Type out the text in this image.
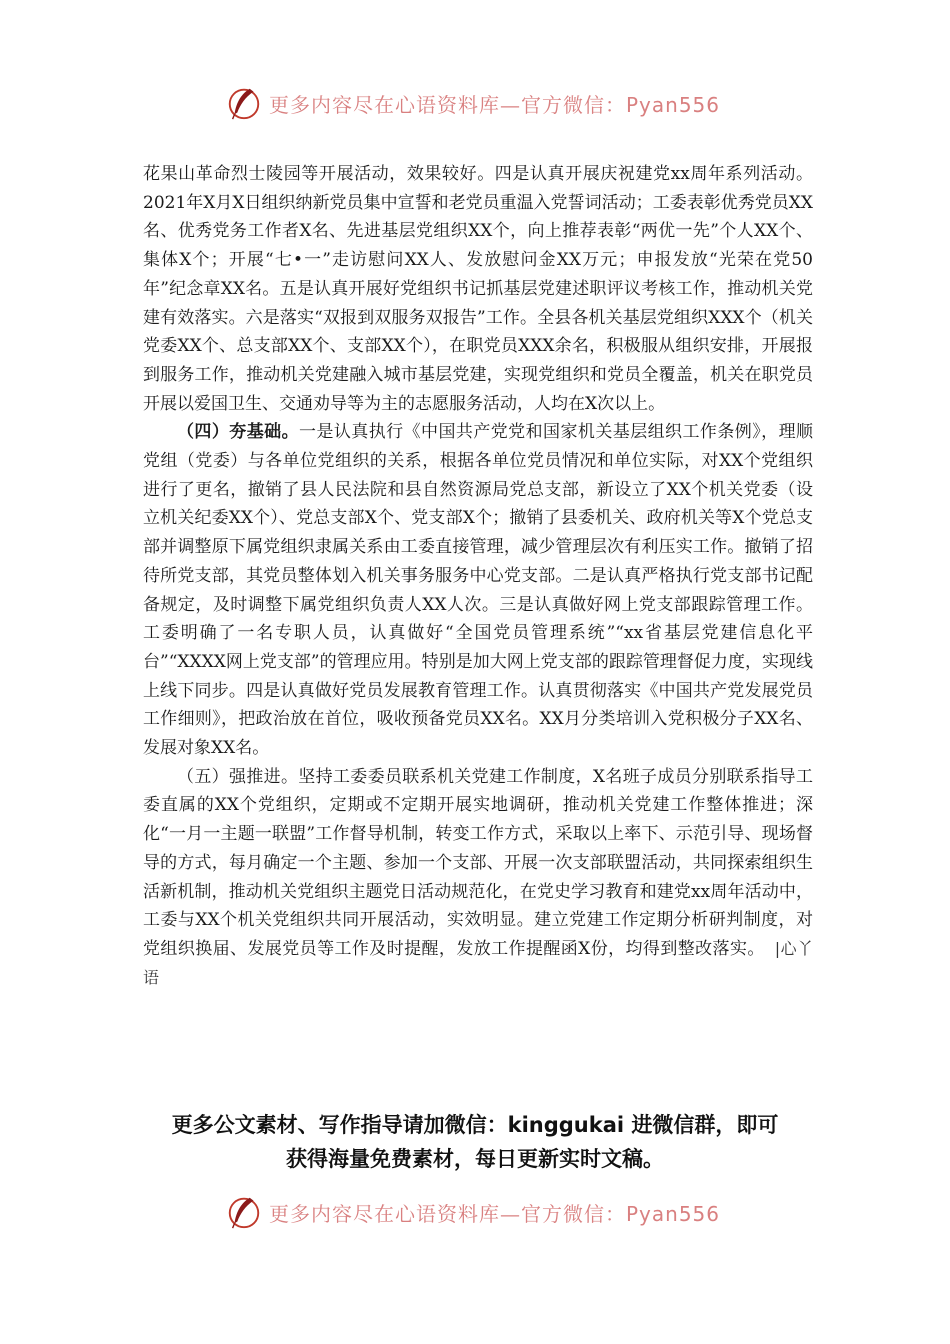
更多内容尽在心语资料库—官方微信：Pyan556

花果山革命烈士陵园等开展活动，效果较好。四是认真开展庆祝建党xx周年系列活动。2021年X月X日组织纳新党员集中宣誓和老党员重温入党誓词活动；工委表彰优秀党员XX名、优秀党务工作者X名、先进基层党组织XX个，向上推荐表彰“两优一先”个人XX个、集体X个；开展“七•一”走访慰问XX人、发放慰问金XX万元；申报发放“光荣在党50年”纪念章XX名。五是认真开展好党组织书记抓基层党建述职评议考核工作，推动机关党建有效落实。六是落实“双报到双服务双报告”工作。全县各机关基层党组织XXX个（机关党委XX个、总支部XX个、支部XX个），在职党员XXX余名，积极服从组织安排，开展报到服务工作，推动机关党建融入城市基层党建，实现党组织和党员全覆盖，机关在职党员开展以爱国卫生、交通劝导等为主的志愿服务活动，人均在X次以上。

（四）夯基础。一是认真执行《中国共产党党和国家机关基层组织工作条例》，理顺党组（党委）与各单位党组织的关系，根据各单位党员情况和单位实际，对XX个党组织进行了更名，撤销了县人民法院和县自然资源局党总支部，新设立了XX个机关党委（设立机关纪委XX个）、党总支部X个、党支部X个；撤销了县委机关、政府机关等X个党总支部并调整原下属党组织隶属关系由工委直接管理，减少管理层次有利压实工作。撤销了招待所党支部，其党员整体划入机关事务服务中心党支部。二是认真严格执行党支部书记配备规定，及时调整下属党组织负责人XX人次。三是认真做好网上党支部跟踪管理工作。工委明确了一名专职人员，认真做好“全国党员管理系统”“xx省基层党建信息化平台”“XXXX网上党支部”的管理应用。特别是加大网上党支部的跟踪管理督促力度，实现线上线下同步。四是认真做好党员发展教育管理工作。认真贯彻落实《中国共产党发展党员工作细则》，把政治放在首位，吸收预备党员XX名。XX月分类培训入党积极分子XX名、发展对象XX名。

（五）强推进。坚持工委委员联系机关党建工作制度，X名班子成员分别联系指导工委直属的XX个党组织，定期或不定期开展实地调研，推动机关党建工作整体推进；深化“一月一主题一联盟”工作督导机制，转变工作方式，采取以上率下、示范引导、现场督导的方式，每月确定一个主题、参加一个支部、开展一次支部联盟活动，共同探索组织生活新机制，推动机关党组织主题党日活动规范化，在党史学习教育和建党xx周年活动中，工委与XX个机关党组织共同开展活动，实效明显。建立党建工作定期分析研判制度，对党组织换届、发展党员等工作及时提醒，发放工作提醒函X份，均得到整改落实。 |心丫语

更多公文素材、写作指导请加微信：kinggukai 进微信群，即可
获得海量免费素材，每日更新实时文稿。
更多内容尽在心语资料库—官方微信：Pyan556
